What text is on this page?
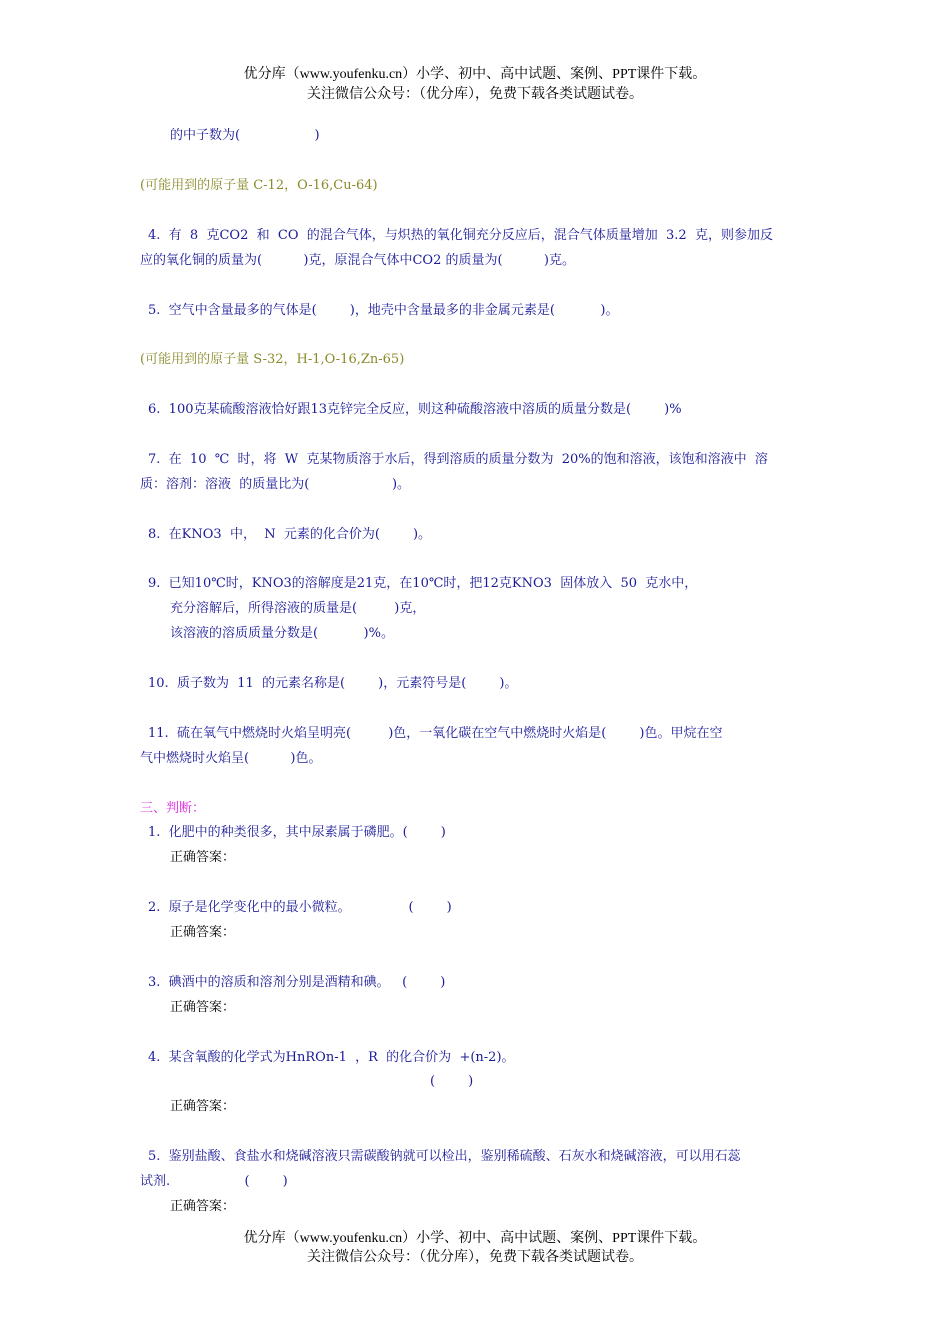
优分库（www.youfenku.cn）小学、初中、高中试题、案例、PPT课件下载。
关注微信公众号：（优分库），免费下载各类试题试卷。
的中子数为(                  )
(可能用到的原子量 C-12，O-16,Cu-64)
4.  有  8  克CO2  和  CO  的混合气体，与炽热的氧化铜充分反应后，混合气体质量增加  3.2  克，则参加反
应的氧化铜的质量为(          )克，原混合气体中CO2 的质量为(          )克。
5.  空气中含量最多的气体是(        )，地壳中含量最多的非金属元素是(           )。
(可能用到的原子量 S-32，H-1,O-16,Zn-65)
6.  100克某硫酸溶液恰好跟13克锌完全反应，则这种硫酸溶液中溶质的质量分数是(        )%
7.  在  10  ℃  时，将  W  克某物质溶于水后，得到溶质的质量分数为  20%的饱和溶液，该饱和溶液中  溶
质：溶剂：溶液  的质量比为(                    )。
8.  在KNO3  中，  N  元素的化合价为(        )。
9.  已知10℃时，KNO3的溶解度是21克，在10℃时，把12克KNO3  固体放入  50  克水中，
充分溶解后，所得溶液的质量是(         )克，
该溶液的溶质质量分数是(           )%。
10.  质子数为  11  的元素名称是(        )，元素符号是(        )。
11.  硫在氧气中燃烧时火焰呈明亮(         )色，一氧化碳在空气中燃烧时火焰是(        )色。甲烷在空
气中燃烧时火焰呈(          )色。
三、判断：
1.  化肥中的种类很多，其中尿素属于磷肥。(        )
正确答案：
2.  原子是化学变化中的最小微粒。              (        )
正确答案：
3.  碘酒中的溶质和溶剂分别是酒精和碘。   (        )
正确答案：
4.  某含氧酸的化学式为HnROn-1  ，R  的化合价为  +(n-2)。
(        )
正确答案：
5.  鉴别盐酸、食盐水和烧碱溶液只需碳酸钠就可以检出，鉴别稀硫酸、石灰水和烧碱溶液，可以用石蕊
试剂.                  (        )
正确答案：
优分库（www.youfenku.cn）小学、初中、高中试题、案例、PPT课件下载。
关注微信公众号：（优分库），免费下载各类试题试卷。
